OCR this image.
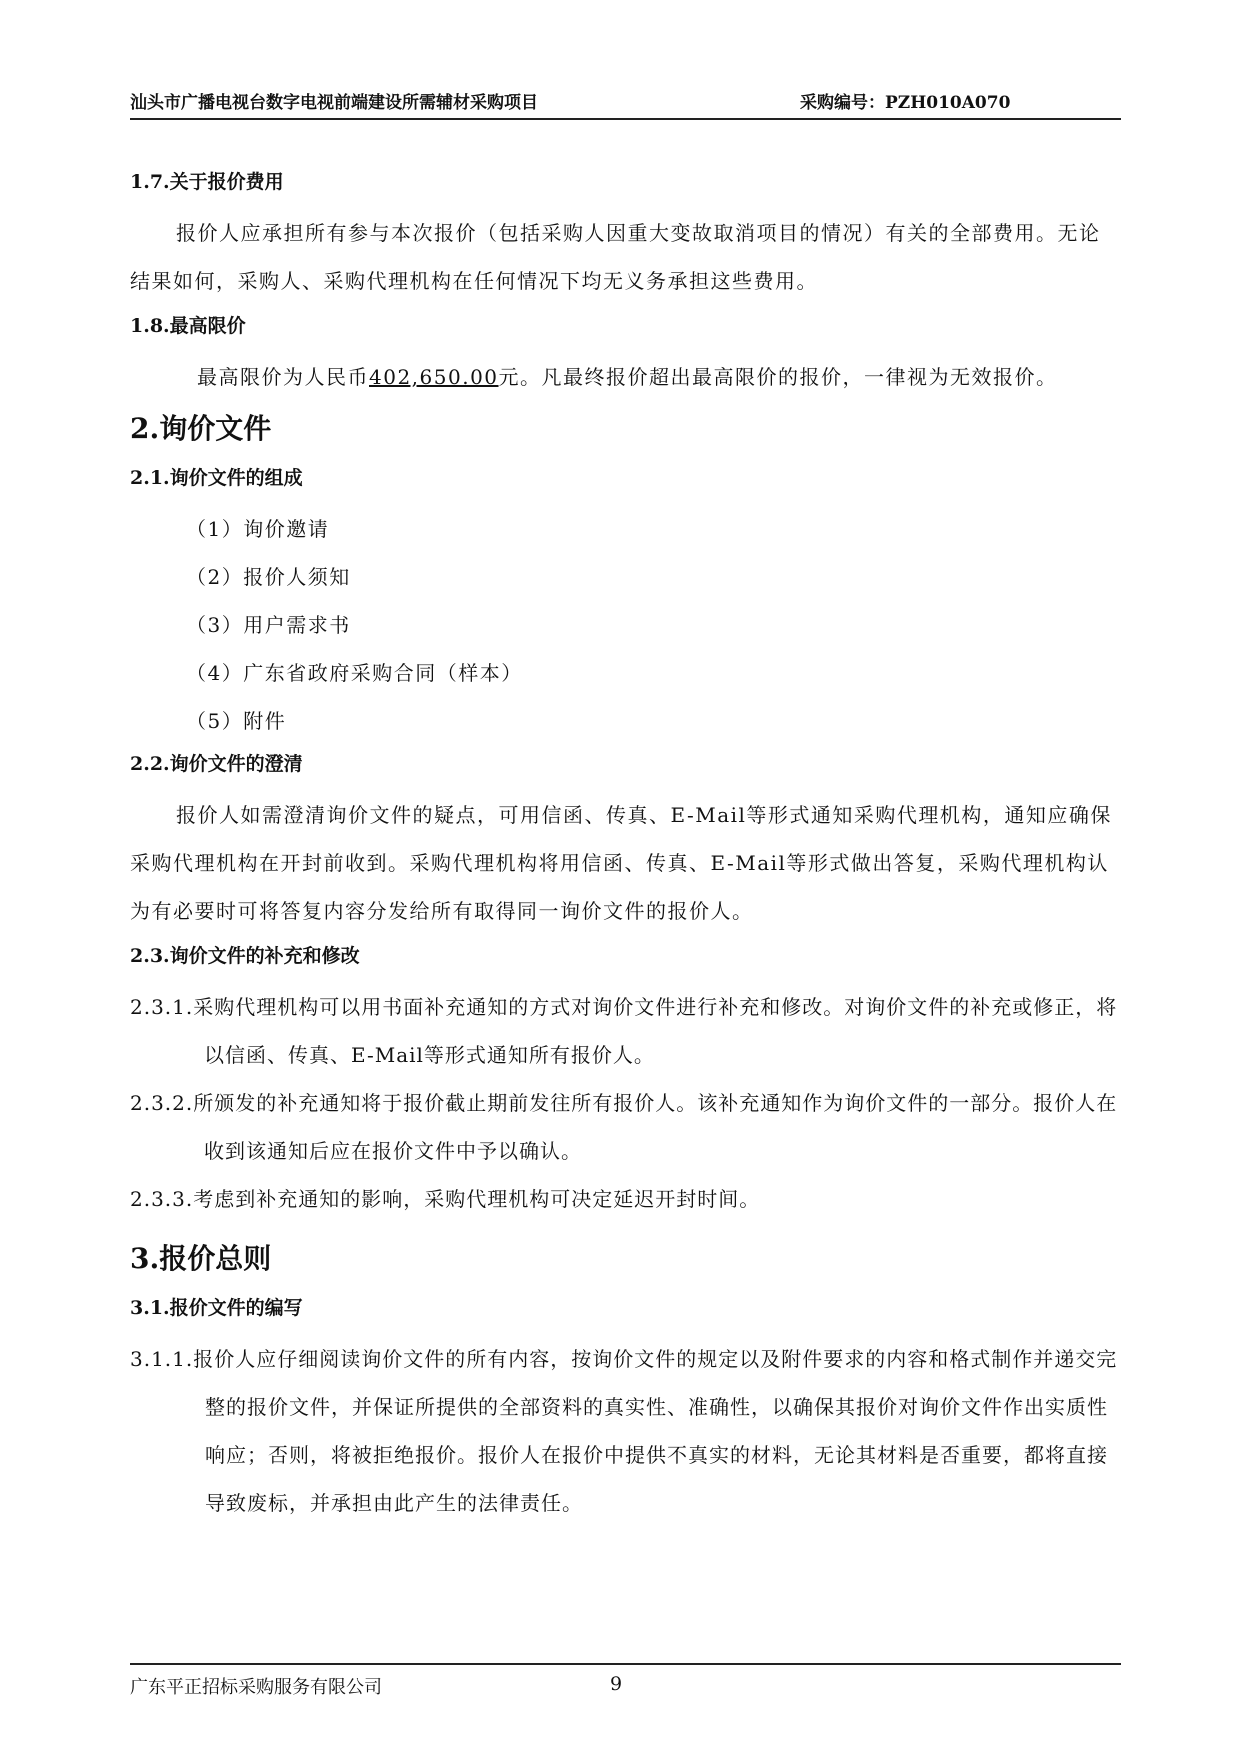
汕头市广播电视台数字电视前端建设所需辅材采购项目	采购编号：PZH010A070
1.7.关于报价费用

报价人应承担所有参与本次报价（包括采购人因重大变故取消项目的情况）有关的全部费用。无论结果如何，采购人、采购代理机构在任何情况下均无义务承担这些费用。

1.8.最高限价

最高限价为人民币402,650.00元。凡最终报价超出最高限价的报价，一律视为无效报价。

2.询价文件
2.1.询价文件的组成
（1）询价邀请
（2）报价人须知
（3）用户需求书
（4）广东省政府采购合同（样本）
（5）附件
2.2.询价文件的澄清

报价人如需澄清询价文件的疑点，可用信函、传真、E-Mail等形式通知采购代理机构，通知应确保采购代理机构在开封前收到。采购代理机构将用信函、传真、E-Mail等形式做出答复，采购代理机构认为有必要时可将答复内容分发给所有取得同一询价文件的报价人。

2.3.询价文件的补充和修改
2.3.1.采购代理机构可以用书面补充通知的方式对询价文件进行补充和修改。对询价文件的补充或修正，将以信函、传真、E-Mail等形式通知所有报价人。
2.3.2.所颁发的补充通知将于报价截止期前发往所有报价人。该补充通知作为询价文件的一部分。报价人在收到该通知后应在报价文件中予以确认。
2.3.3.考虑到补充通知的影响，采购代理机构可决定延迟开封时间。
3.报价总则
3.1.报价文件的编写
3.1.1.报价人应仔细阅读询价文件的所有内容，按询价文件的规定以及附件要求的内容和格式制作并递交完整的报价文件，并保证所提供的全部资料的真实性、准确性，以确保其报价对询价文件作出实质性响应；否则，将被拒绝报价。报价人在报价中提供不真实的材料，无论其材料是否重要，都将直接导致废标，并承担由此产生的法律责任。
广东平正招标采购服务有限公司	9
